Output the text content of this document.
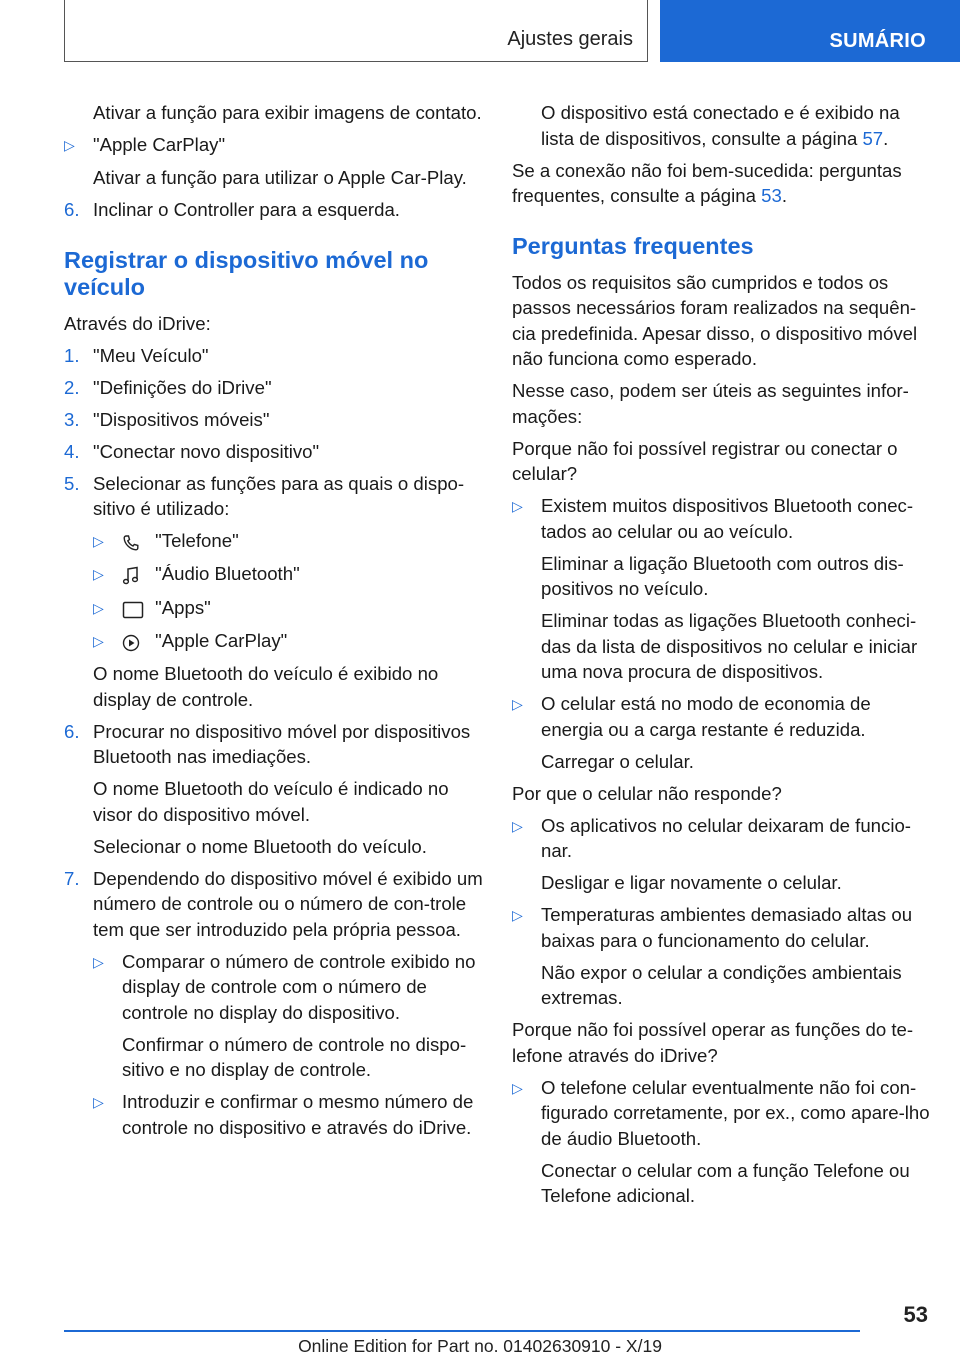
Ajustes gerais	SUMÁRIO

Ativar a função para exibir imagens de contato.

▷ "Apple CarPlay"

Ativar a função para utilizar o Apple Car-Play.

6. Inclinar o Controller para a esquerda.
Registrar o dispositivo móvel no veículo

Através do iDrive:

1. "Meu Veículo"
2. "Definições do iDrive"
3. "Dispositivos móveis"
4. "Conectar novo dispositivo"
5. Selecionar as funções para as quais o dispo-sitivo é utilizado:
▷	"Telefone"
▷	"Áudio Bluetooth"
▷	"Apps"
▷	"Apple CarPlay"

O nome Bluetooth do veículo é exibido no display de controle.

6. Procurar no dispositivo móvel por dispositivos Bluetooth nas imediações.

O nome Bluetooth do veículo é indicado no visor do dispositivo móvel.

Selecionar o nome Bluetooth do veículo.

7. Dependendo do dispositivo móvel é exibido um número de controle ou o número de con-trole tem que ser introduzido pela própria pessoa.
▷ Comparar o número de controle exibido no display de controle com o número de controle no display do dispositivo.

Confirmar o número de controle no dispo-sitivo e no display de controle.

▷ Introduzir e confirmar o mesmo número de controle no dispositivo e através do iDrive.

O dispositivo está conectado e é exibido na lista de dispositivos, consulte a página 57.

Se a conexão não foi bem-sucedida: perguntas frequentes, consulte a página 53.

Perguntas frequentes

Todos os requisitos são cumpridos e todos os passos necessários foram realizados na sequên-cia predefinida. Apesar disso, o dispositivo móvel não funciona como esperado.

Nesse caso, podem ser úteis as seguintes infor-mações:

Porque não foi possível registrar ou conectar o celular?

▷ Existem muitos dispositivos Bluetooth conec-tados ao celular ou ao veículo.

Eliminar a ligação Bluetooth com outros dis-positivos no veículo.

Eliminar todas as ligações Bluetooth conheci-das da lista de dispositivos no celular e iniciar uma nova procura de dispositivos.

▷ O celular está no modo de economia de energia ou a carga restante é reduzida.

Carregar o celular.

Por que o celular não responde?

▷ Os aplicativos no celular deixaram de funcio-nar.

Desligar e ligar novamente o celular.

▷ Temperaturas ambientes demasiado altas ou baixas para o funcionamento do celular.

Não expor o celular a condições ambientais extremas.

Porque não foi possível operar as funções do te-lefone através do iDrive?

▷ O telefone celular eventualmente não foi con-figurado corretamente, por ex., como apare-lho de áudio Bluetooth.

Conectar o celular com a função Telefone ou Telefone adicional.

53
Online Edition for Part no. 01402630910 - X/19
